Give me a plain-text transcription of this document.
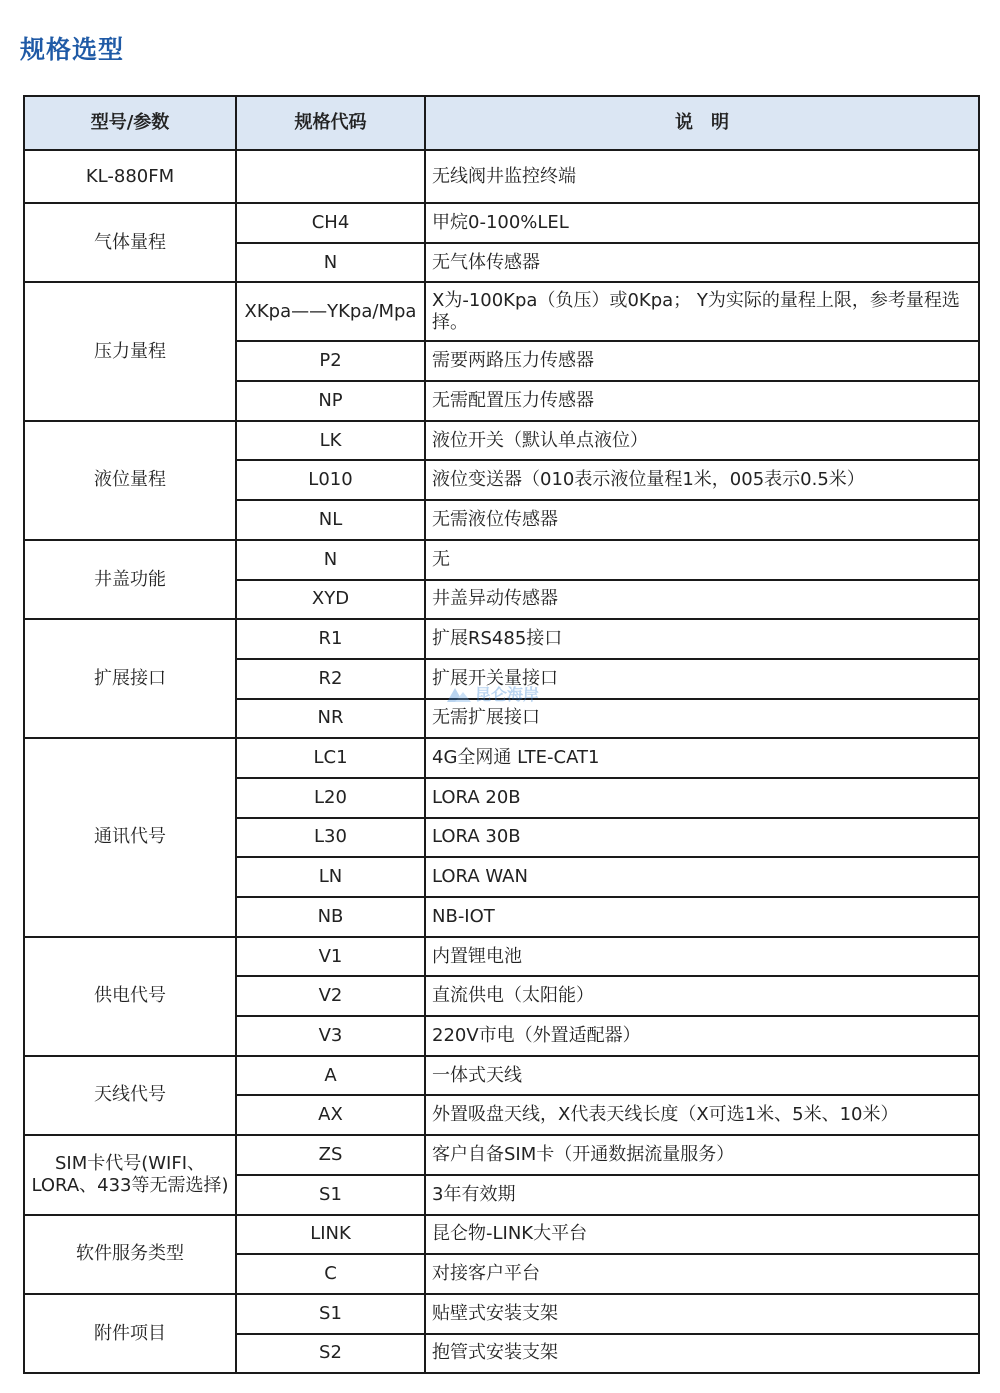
规格选型
型号/参数	规格代码	说　明
KL-880FM		无线阀井监控终端
气体量程	CH4	甲烷0-100%LEL
	N	无气体传感器
压力量程	XKpa——YKpa/Mpa	X为-100Kpa（负压）或0Kpa； Y为实际的量程上限，参考量程选择。
	P2	需要两路压力传感器
	NP	无需配置压力传感器
液位量程	LK	液位开关（默认单点液位）
	L010	液位变送器（010表示液位量程1米，005表示0.5米）
	NL	无需液位传感器
井盖功能	N	无
	XYD	井盖异动传感器
扩展接口	R1	扩展RS485接口
	R2	扩展开关量接口
	NR	无需扩展接口
通讯代号	LC1	4G全网通 LTE-CAT1
	L20	LORA 20B
	L30	LORA 30B
	LN	LORA WAN
	NB	NB-IOT
供电代号	V1	内置锂电池
	V2	直流供电（太阳能）
	V3	220V市电（外置适配器）
天线代号	A	一体式天线
	AX	外置吸盘天线，X代表天线长度（X可选1米、5米、10米）
SIM卡代号(WIFI、LORA、433等无需选择)	ZS	客户自备SIM卡（开通数据流量服务）
	S1	3年有效期
软件服务类型	LINK	昆仑物-LINK大平台
	C	对接客户平台
附件项目	S1	贴壁式安装支架
	S2	抱管式安装支架
昆仑海岸
